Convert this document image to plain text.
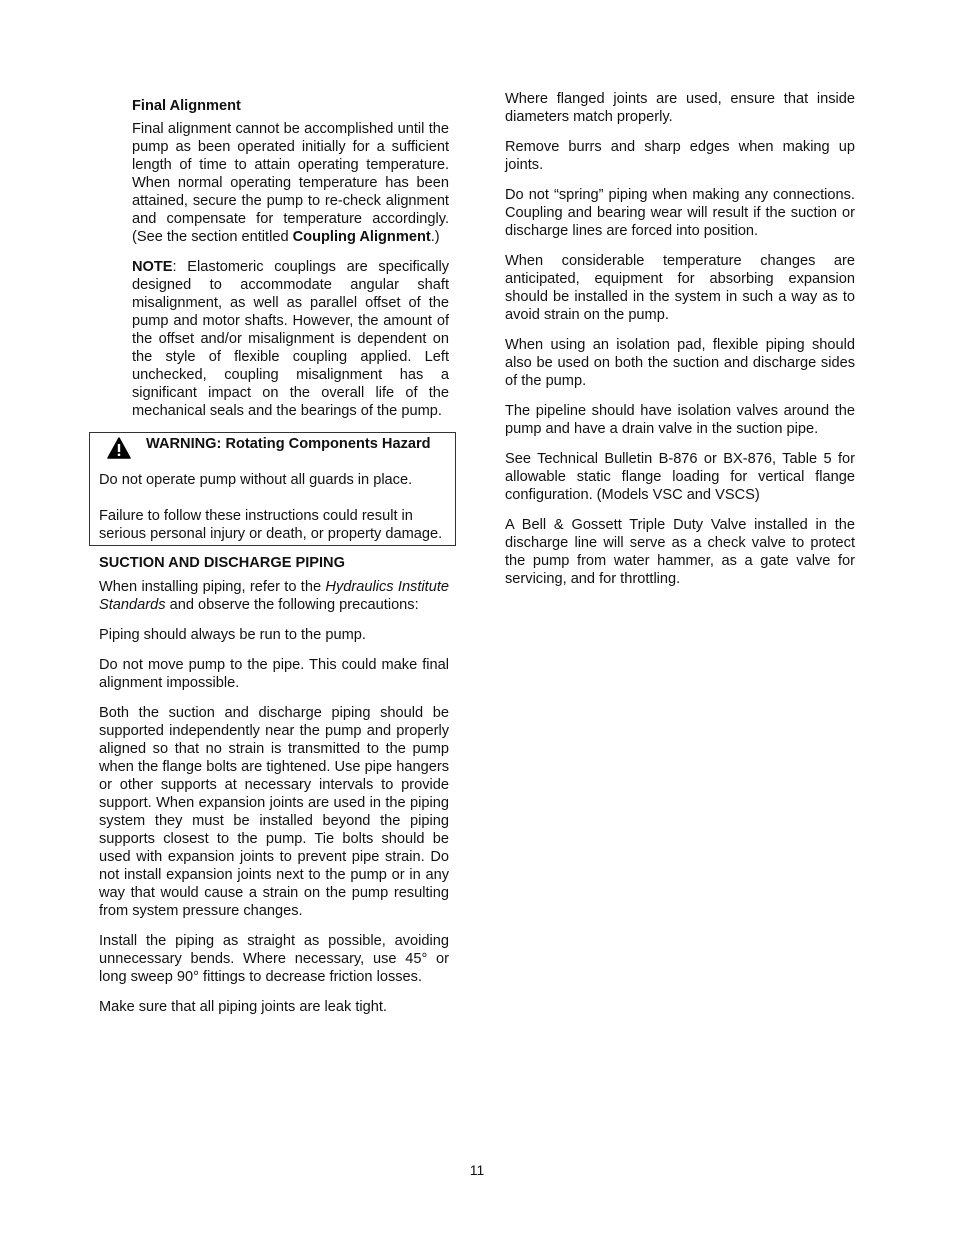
Final Alignment

Final alignment cannot be accomplished until the pump as been operated initially for a sufficient length of time to attain operating temperature. When normal operating temperature has been attained, secure the pump to re-check alignment and compensate for temperature accordingly. (See the section entitled Coupling Alignment.)

NOTE: Elastomeric couplings are specifically designed to accommodate angular shaft misalignment, as well as parallel offset of the pump and motor shafts. However, the amount of the offset and/or misalignment is dependent on the style of flexible coupling applied. Left unchecked, coupling misalignment has a significant impact on the overall life of the mechanical seals and the bearings of the pump.

WARNING: Rotating Components Hazard

Do not operate pump without all guards in place.

Failure to follow these instructions could result in serious personal injury or death, or property damage.

SUCTION AND DISCHARGE PIPING

When installing piping, refer to the Hydraulics Institute Standards and observe the following precautions:

Piping should always be run to the pump.

Do not move pump to the pipe. This could make final alignment impossible.

Both the suction and discharge piping should be supported independently near the pump and properly aligned so that no strain is transmitted to the pump when the flange bolts are tightened. Use pipe hangers or other supports at necessary intervals to provide support. When expansion joints are used in the piping system they must be installed beyond the piping supports closest to the pump. Tie bolts should be used with expansion joints to prevent pipe strain. Do not install expansion joints next to the pump or in any way that would cause a strain on the pump resulting from system pressure changes.

Install the piping as straight as possible, avoiding unnecessary bends. Where necessary, use 45° or long sweep 90° fittings to decrease friction losses.

Make sure that all piping joints are leak tight.

Where flanged joints are used, ensure that inside diameters match properly.

Remove burrs and sharp edges when making up joints.

Do not “spring” piping when making any connections. Coupling and bearing wear will result if the suction or discharge lines are forced into position.

When considerable temperature changes are anticipated, equipment for absorbing expansion should be installed in the system in such a way as to avoid strain on the pump.

When using an isolation pad, flexible piping should also be used on both the suction and discharge sides of the pump.

The pipeline should have isolation valves around the pump and have a drain valve in the suction pipe.

See Technical Bulletin B-876 or BX-876, Table 5 for allowable static flange loading for vertical flange configuration. (Models VSC and VSCS)

A Bell & Gossett Triple Duty Valve installed in the discharge line will serve as a check valve to protect the pump from water hammer, as a gate valve for servicing, and for throttling.

11
